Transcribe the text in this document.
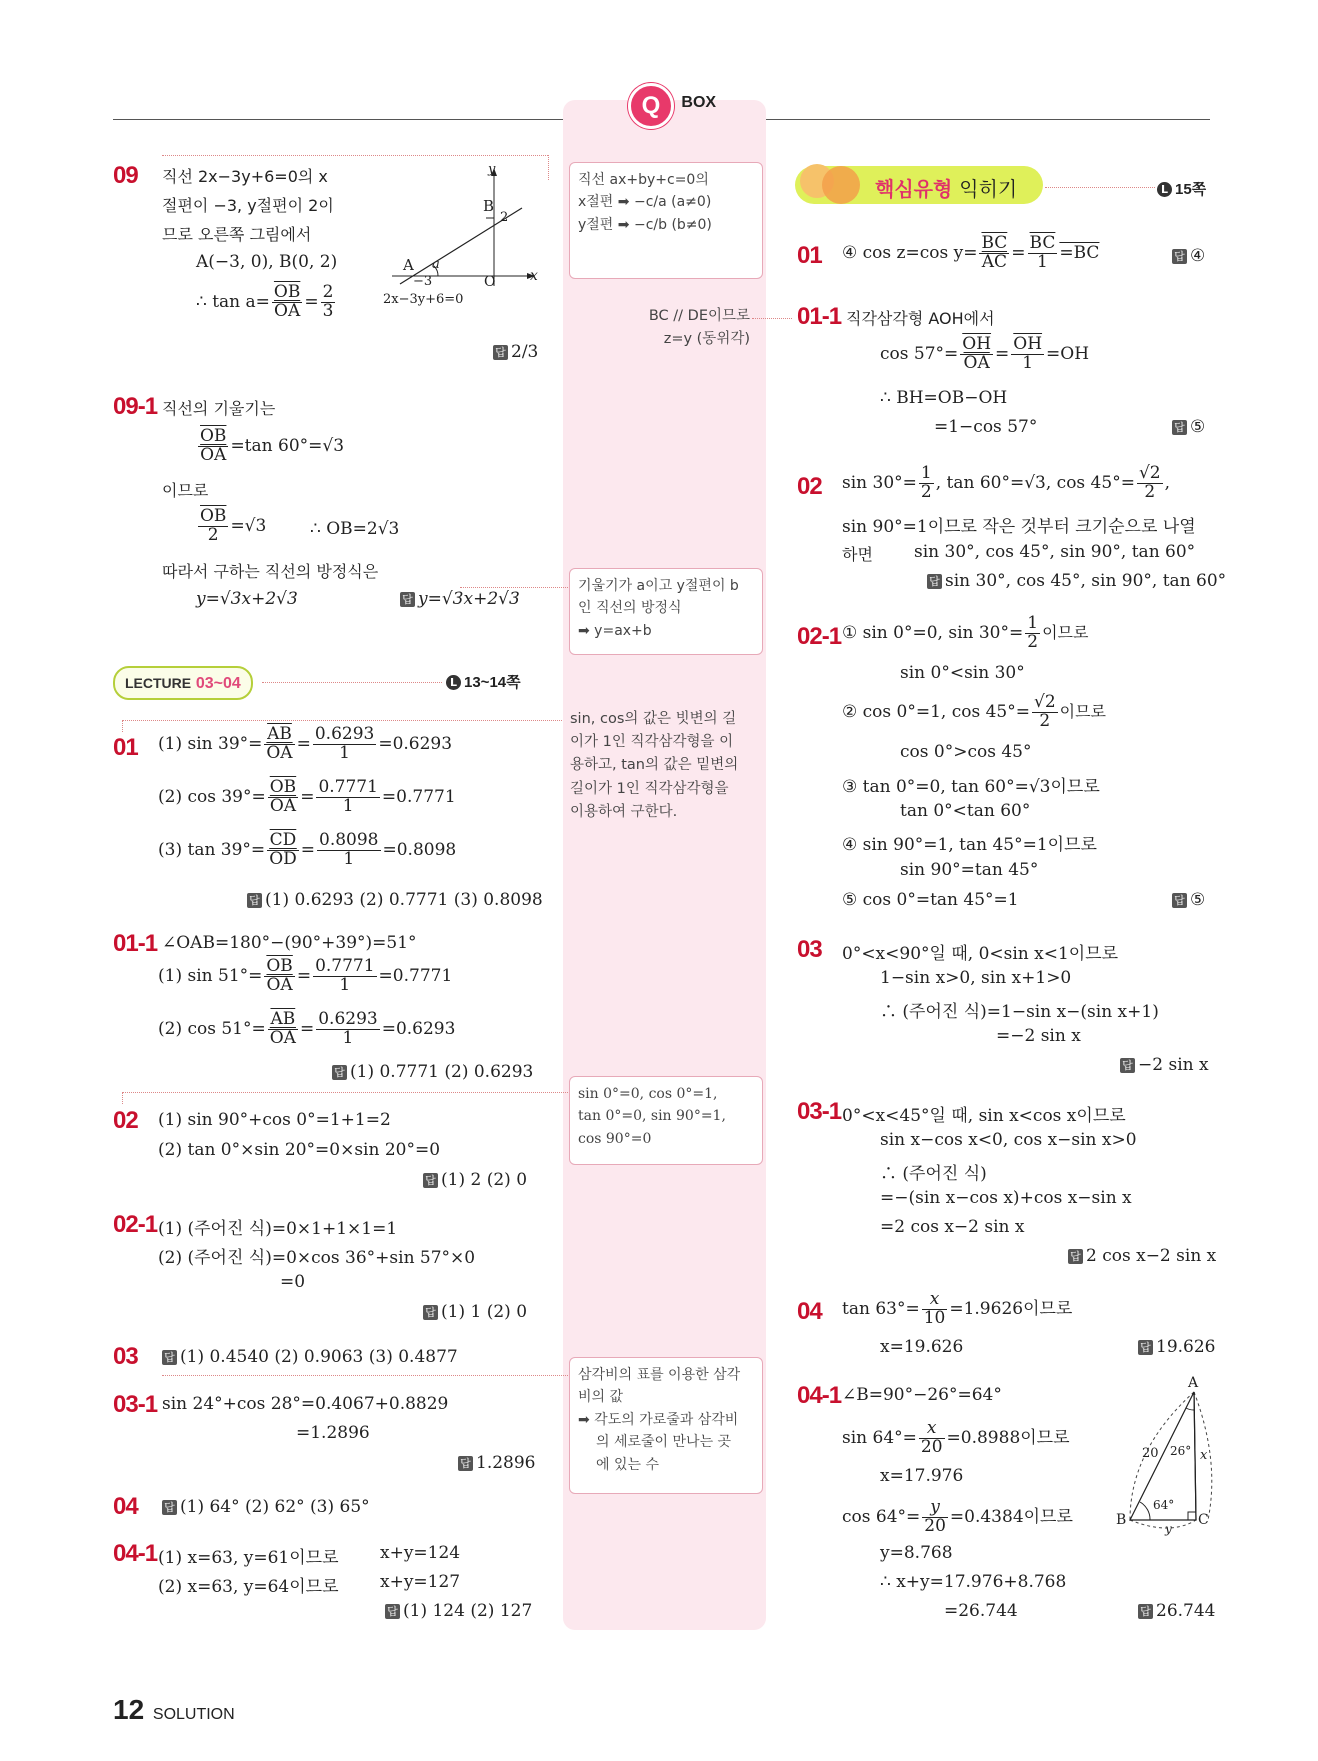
Q BOX
09 직선 2x−3y+6=0의 x
절편이 −3, y절편이 2이
므로 오른쪽 그림에서
A(−3, 0), B(0, 2)
∴ $\tan a= \frac{\overline{OB}}{OA} = \frac{2}{3}$
y
x
B
2
A a
−3	O
2x−3y+6=0
답 2/3
09-1 직선의 기울기는
$\frac{\overline{OB}}{OA} =\tan$ 60°=√3
이므로
$\frac{\overline{OB}}{2} =√3$	∴ OB=2√3
따라서 구하는 직선의 방정식은
y=√3x+2√3	답 y=√3x+2√3
LECTURE 03~04	L 13~14쪽
01 (1) $\sin 39^\circ= \frac{\overline{AB}}{OA} = \frac{0.6293}{1} =0.6293$
(2) $\cos 39^\circ= \frac{\overline{OB}}{OA} = \frac{0.7771}{1} =0.7771$
(3) $\tan 39^\circ= \frac{\overline{CD}}{OD} = \frac{0.8098}{1} =0.8098$
답 (1) 0.6293 (2) 0.7771 (3) 0.8098
01-1 ∠OAB=180°−(90°+39°)=51°
(1) $\sin 51^\circ= \frac{\overline{OB}}{OA} = \frac{0.7771}{1} =0.7771$
(2) $\cos 51^\circ= \frac{\overline{AB}}{OA} = \frac{0.6293}{1} =0.6293$
답 (1) 0.7771 (2) 0.6293
02 (1) sin 90°+cos 0°=1+1=2
(2) tan 0°×sin 20°=0×sin 20°=0
답 (1) 2 (2) 0
02-1 (1) (주어진 식)=0×1+1×1=1
(2) (주어진 식)=0×cos 36°+sin 57°×0
=0
답 (1) 1 (2) 0
03 답 (1) 0.4540 (2) 0.9063 (3) 0.4877
03-1 sin 24°+cos 28°=0.4067+0.8829
=1.2896
답 1.2896
04 답 (1) 64° (2) 62° (3) 65°
04-1 (1) x=63, y=61이므로 x+y=124
(2) x=63, y=64이므로 x+y=127
답 (1) 124 (2) 127
직선 ax+by+c=0의
x절편 ➡ −c/a (a≠0)
y절편 ➡ −c/b (b≠0)
BC // DE이므로
z=y (동위각)
기울기가 a이고 y절편이 b
인 직선의 방정식
➡ y=ax+b
sin, cos의 값은 빗변의 길
이가 1인 직각삼각형을 이
용하고, tan의 값은 밑변의
길이가 1인 직각삼각형을
이용하여 구한다.
sin 0°=0, cos 0°=1,
tan 0°=0, sin 90°=1,
cos 90°=0
삼각비의 표를 이용한 삼각
비의 값
➡ 각도의 가로줄과 삼각비
의 세로줄이 만나는 곳
에 있는 수
핵심유형 익히기	L 15쪽
01 ④ cos z=cos $y= \frac{\overline{BC}}{AC} = \frac{\overline{BC}}{1} =BC$	답 ④
01-1 직각삼각형 AOH에서
$\cos 57^\circ= \frac{\overline{OH}}{OA} = \frac{\overline{OH}}{1} =OH$
∴ BH=OB−OH
=1−cos 57°	답 ⑤
02 $\sin 30^\circ= \frac{1}{2}$ , tan 60°=√3, $\cos 45^\circ= \frac{√2}{2}$ ,
sin 90°=1이므로 작은 것부터 크기순으로 나열
하면 sin 30°, cos 45°, sin 90°, tan 60°
답 sin 30°, cos 45°, sin 90°, tan 60°
02-1 ① sin 0°=0, $\sin 30^\circ= \frac{1}{2}$ 이므로
sin 0°<sin 30°
② cos 0°=1, $\cos 45^\circ= \frac{√2}{2}$ 이므로
cos 0°>cos 45°
③ tan 0°=0, tan 60°=√3이므로
tan 0°<tan 60°
④ sin 90°=1, tan 45°=1이므로
sin 90°=tan 45°
⑤ cos 0°=tan 45°=1	답 ⑤
03 0°<x<90°일 때, 0<sin x<1이므로
1−sin x>0, sin x+1>0
∴ (주어진 식)=1−sin x−(sin x+1)
=−2 sin x
답 −2 sin x
03-1 0°<x<45°일 때, sin x<cos x이므로
sin x−cos x<0, cos x−sin x>0
∴ (주어진 식)
=−(sin x−cos x)+cos x−sin x
=2 cos x−2 sin x
답 2 cos x−2 sin x
04 $\tan 63^\circ= \frac{x}{10} =1.9626$이므로
x=19.626	답 19.626
04-1 ∠B=90°−26°=64°
$\sin 64^\circ= \frac{x}{20} =0.8988$이므로
x=17.976
$\cos 64^\circ= \frac{y}{20} =0.4384$이므로
y=8.768
∴ x+y=17.976+8.768
=26.744	답 26.744
A
B	C
20 26° x
64°
y
12 SOLUTION
